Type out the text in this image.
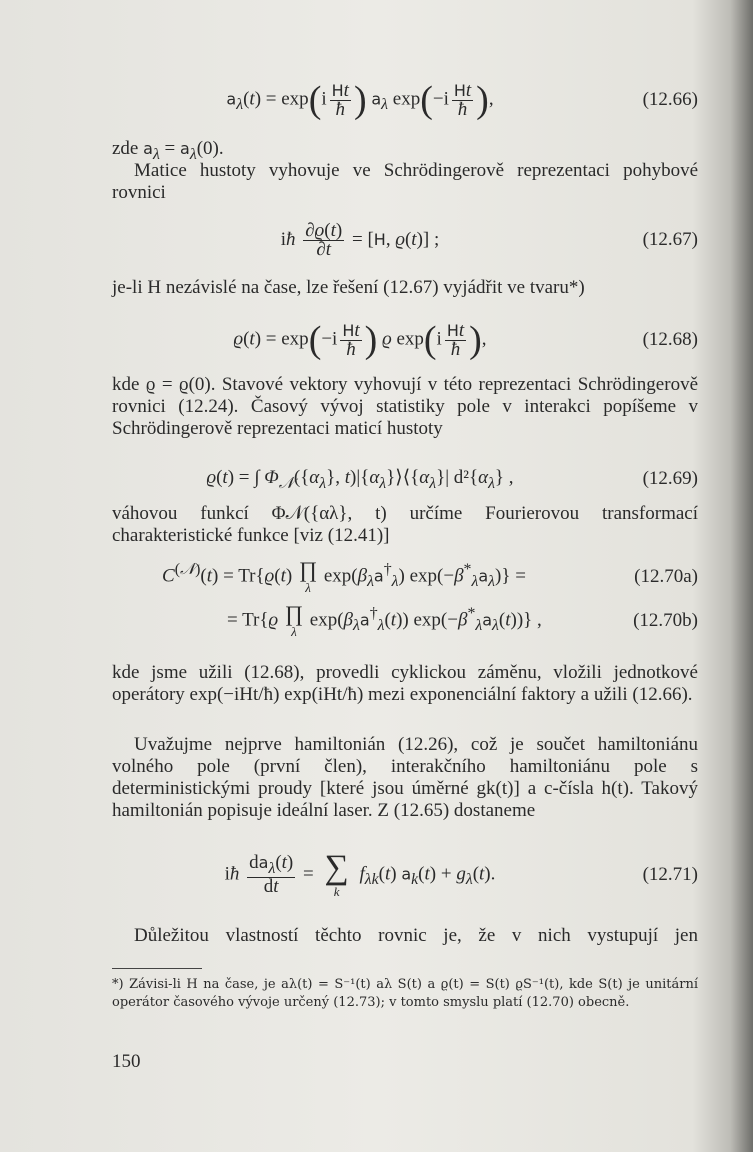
$a_\lambda(t) = \exp(i \frac{Ht}{ħ}$ ) $a_\lambda$ $\exp(-i \frac{Ht}{ħ}$ ),	(12.66)
zde $a_\lambda = a_\lambda(0)$.
Matice hustoty vyhovuje ve Schrödingerově reprezentaci pohybové rovnici
iħ $\frac{\partial ϱ(t)}{\partial t} = [H$, ϱ(t)] ;	(12.67)
je-li H nezávislé na čase, lze řešení (12.67) vyjádřit ve tvaru*)
$ϱ(t) = \exp(-i \frac{Ht}{ħ}$ ) ϱ $\exp(i \frac{Ht}{ħ}$ ),	(12.68)
kde ϱ = ϱ(0). Stavové vektory vyhovují v této reprezentaci Schrödingerově rovnici (12.24). Časový vývoj statistiky pole v interakci popíšeme v Schrödingerově reprezentaci maticí hustoty
ϱ(t) = ∫ $\Phi_𝒩(\{\alpha_\lambda\}$, $t)|\{\alpha_\lambda\}⟩⟨\{\alpha_\lambda\}|$ $d^2\{\alpha_\lambda\}$ ,	(12.69)
váhovou funkcí Φ𝒩({αλ}, t) určíme Fourierovou transformací charakteristické funkce [viz (12.41)]
$C^{(𝒩)}(t) = Tr\{ϱ(t)$ ∏
λ
$\exp(\beta_\lambda a^\dagger_\lambda) \exp(-\beta^*_\lambda a_\lambda)$} =	(12.70a)
= Tr{ϱ ∏
λ
$\exp(\beta_\lambda a^\dagger_\lambda(t))$ $\exp(-\beta^*_\lambda a_\lambda(t))$} ,	(12.70b)
kde jsme užili (12.68), provedli cyklickou záměnu, vložili jednotkové operátory exp(−iHt/ħ) exp(iHt/ħ) mezi exponenciální faktory a užili (12.66).
Uvažujme nejprve hamiltonián (12.26), což je součet hamiltoniánu volného pole (první člen), interakčního hamiltoniánu pole s deterministickými proudy [které jsou úměrné gk(t)] a c-čísla h(t). Takový hamiltonián popisuje ideální laser. Z (12.65) dostaneme
iħ $\frac{da_\lambda(t)}{dt}$ = ∑
k
$f_{\lambda k}(t) a_k(t) + g_\lambda(t)$.	(12.71)
Důležitou vlastností těchto rovnic je, že v nich vystupují jen
*) Závisi-li H na čase, je aλ(t) = S⁻¹(t) aλ S(t) a ϱ(t) = S(t) ϱS⁻¹(t), kde S(t) je unitární operátor časového vývoje určený (12.73); v tomto smyslu platí (12.70) obecně.
150
